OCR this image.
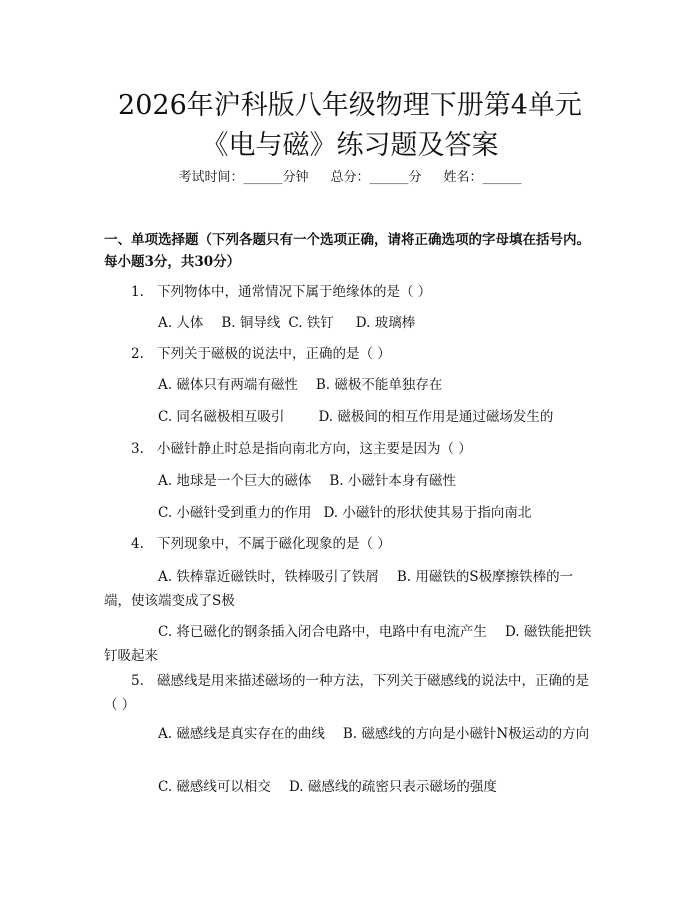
2026年沪科版八年级物理下册第4单元《电与磁》练习题及答案
考试时间：______分钟 总分：______分 姓名：______

一、单项选择题（下列各题只有一个选项正确，请将正确选项的字母填在括号内。每小题3分，共30分）

1. 下列物体中，通常情况下属于绝缘体的是（ ）
A. 人体 B. 铜导线 C. 铁钉 D. 玻璃棒
2. 下列关于磁极的说法中，正确的是（ ）
A. 磁体只有两端有磁性 B. 磁极不能单独存在
C. 同名磁极相互吸引	D. 磁极间的相互作用是通过磁场发生的
3. 小磁针静止时总是指向南北方向，这主要是因为（ ）
A. 地球是一个巨大的磁体 B. 小磁针本身有磁性
C. 小磁针受到重力的作用 D. 小磁针的形状使其易于指向南北
4. 下列现象中，不属于磁化现象的是（ ）
A. 铁棒靠近磁铁时，铁棒吸引了铁屑 B. 用磁铁的S极摩擦铁棒的一端，使该端变成了S极
C. 将已磁化的钢条插入闭合电路中，电路中有电流产生 D. 磁铁能把铁钉吸起来
5. 磁感线是用来描述磁场的一种方法，下列关于磁感线的说法中，正确的是（ ）
A. 磁感线是真实存在的曲线 B. 磁感线的方向是小磁针N极运动的方向
C. 磁感线可以相交 D. 磁感线的疏密只表示磁场的强度
